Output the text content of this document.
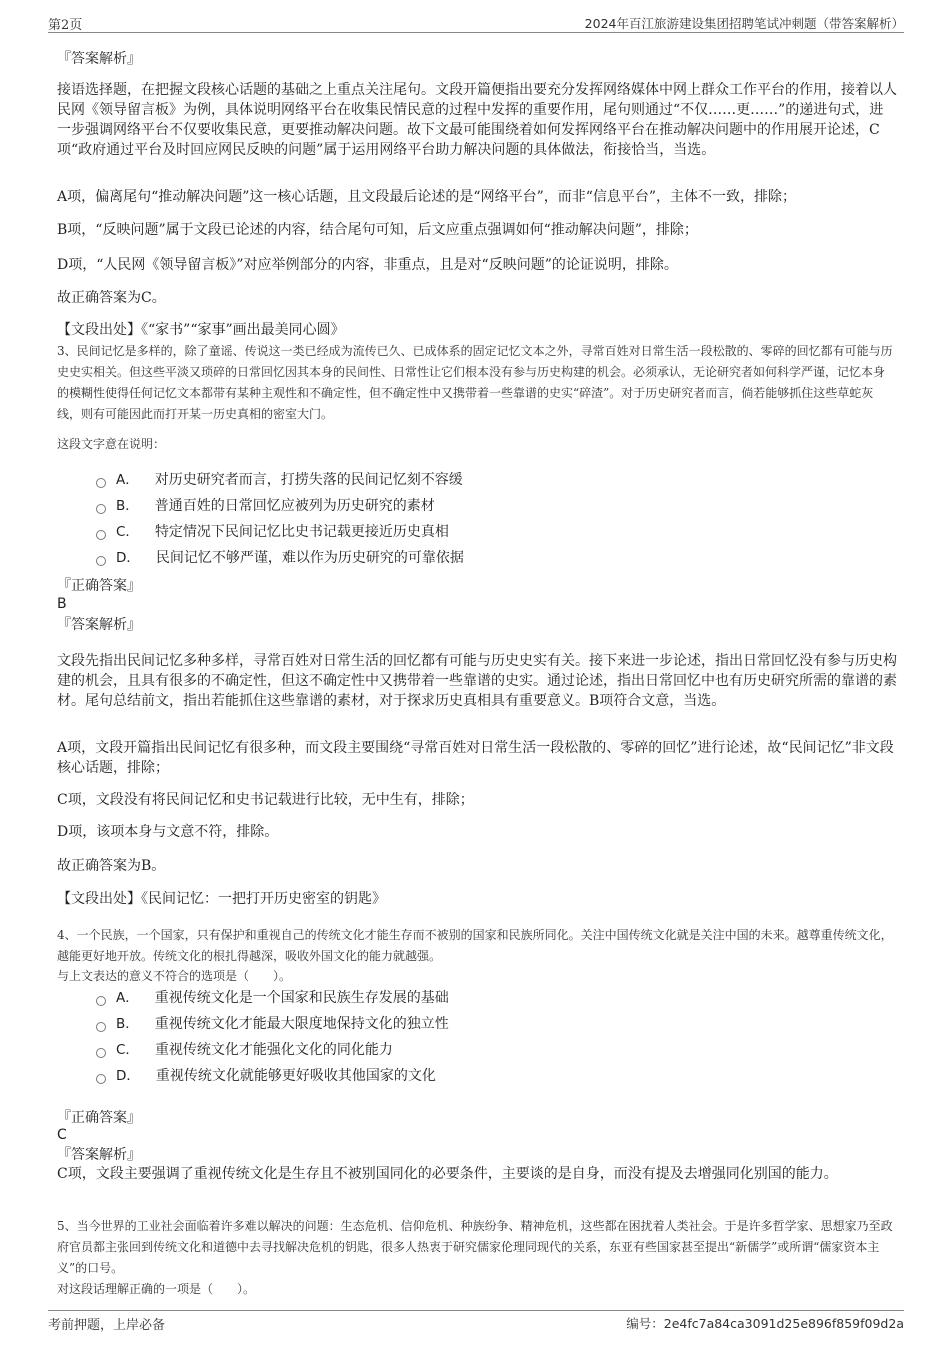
第2页	2024年百江旅游建设集团招聘笔试冲刺题（带答案解析）
『答案解析』
接语选择题，在把握文段核心话题的基础之上重点关注尾句。文段开篇便指出要充分发挥网络媒体中网上群众工作平台的作用，接着以人民网《领导留言板》为例，具体说明网络平台在收集民情民意的过程中发挥的重要作用，尾句则通过“不仅……更……”的递进句式，进一步强调网络平台不仅要收集民意，更要推动解决问题。故下文最可能围绕着如何发挥网络平台在推动解决问题中的作用展开论述，C项“政府通过平台及时回应网民反映的问题”属于运用网络平台助力解决问题的具体做法，衔接恰当，当选。
A项，偏离尾句“推动解决问题”这一核心话题，且文段最后论述的是“网络平台”，而非“信息平台”，主体不一致，排除；
B项，“反映问题”属于文段已论述的内容，结合尾句可知，后文应重点强调如何“推动解决问题”，排除；
D项，“人民网《领导留言板》”对应举例部分的内容，非重点，且是对“反映问题”的论证说明，排除。
故正确答案为C。
【文段出处】《“家书”“家事”画出最美同心圆》
3、民间记忆是多样的，除了童谣、传说这一类已经成为流传已久、已成体系的固定记忆文本之外，寻常百姓对日常生活一段松散的、零碎的回忆都有可能与历史史实相关。但这些平淡又琐碎的日常回忆因其本身的民间性、日常性让它们根本没有参与历史构建的机会。必须承认，无论研究者如何科学严谨，记忆本身的模糊性使得任何记忆文本都带有某种主观性和不确定性，但不确定性中又携带着一些靠谱的史实“碎渣”。对于历史研究者而言，倘若能够抓住这些草蛇灰线，则有可能因此而打开某一历史真相的密室大门。
这段文字意在说明：
A． 对历史研究者而言，打捞失落的民间记忆刻不容缓
B． 普通百姓的日常回忆应被列为历史研究的素材
C． 特定情况下民间记忆比史书记载更接近历史真相
D． 民间记忆不够严谨，难以作为历史研究的可靠依据
『正确答案』
B
『答案解析』
文段先指出民间记忆多种多样，寻常百姓对日常生活的回忆都有可能与历史史实有关。接下来进一步论述，指出日常回忆没有参与历史构建的机会，且具有很多的不确定性，但这不确定性中又携带着一些靠谱的史实。通过论述，指出日常回忆中也有历史研究所需的靠谱的素材。尾句总结前文，指出若能抓住这些靠谱的素材，对于探求历史真相具有重要意义。B项符合文意，当选。
A项，文段开篇指出民间记忆有很多种，而文段主要围绕“寻常百姓对日常生活一段松散的、零碎的回忆”进行论述，故“民间记忆”非文段核心话题，排除；
C项，文段没有将民间记忆和史书记载进行比较，无中生有，排除；
D项，该项本身与文意不符，排除。
故正确答案为B。
【文段出处】《民间记忆：一把打开历史密室的钥匙》
4、一个民族，一个国家，只有保护和重视自己的传统文化才能生存而不被别的国家和民族所同化。关注中国传统文化就是关注中国的未来。越尊重传统文化，越能更好地开放。传统文化的根扎得越深，吸收外国文化的能力就越强。
与上文表达的意义不符合的选项是（　　）。
A． 重视传统文化是一个国家和民族生存发展的基础
B． 重视传统文化才能最大限度地保持文化的独立性
C． 重视传统文化才能强化文化的同化能力
D． 重视传统文化就能够更好吸收其他国家的文化
『正确答案』
C
『答案解析』
C项，文段主要强调了重视传统文化是生存且不被别国同化的必要条件，主要谈的是自身，而没有提及去增强同化别国的能力。
5、当今世界的工业社会面临着许多难以解决的问题：生态危机、信仰危机、种族纷争、精神危机，这些都在困扰着人类社会。于是许多哲学家、思想家乃至政府官员都主张回到传统文化和道德中去寻找解决危机的钥匙，很多人热衷于研究儒家伦理同现代的关系，东亚有些国家甚至提出“新儒学”或所谓“儒家资本主义”的口号。
对这段话理解正确的一项是（　　）。
考前押题，上岸必备	编号：2e4fc7a84ca3091d25e896f859f09d2a
